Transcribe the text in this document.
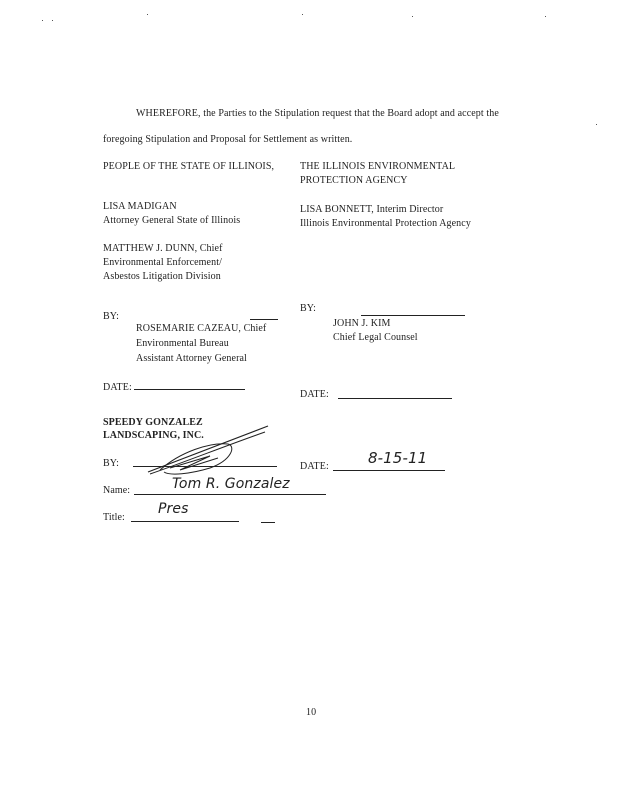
WHEREFORE, the Parties to the Stipulation request that the Board adopt and accept the
foregoing Stipulation and Proposal for Settlement as written.
PEOPLE OF THE STATE OF ILLINOIS,
LISA MADIGAN
Attorney General State of Illinois
MATTHEW J. DUNN, Chief
Environmental Enforcement/
Asbestos Litigation Division
BY:
ROSEMARIE CAZEAU, Chief
Environmental Bureau
Assistant Attorney General
DATE:
THE ILLINOIS ENVIRONMENTAL
PROTECTION AGENCY
LISA BONNETT, Interim Director
Illinois Environmental Protection Agency
BY:
JOHN J. KIM
Chief Legal Counsel
DATE:
SPEEDY GONZALEZ
LANDSCAPING, INC.
BY:	DATE:	8-15-11
Name:	Tom R. Gonzalez
Title:
Pres
10
